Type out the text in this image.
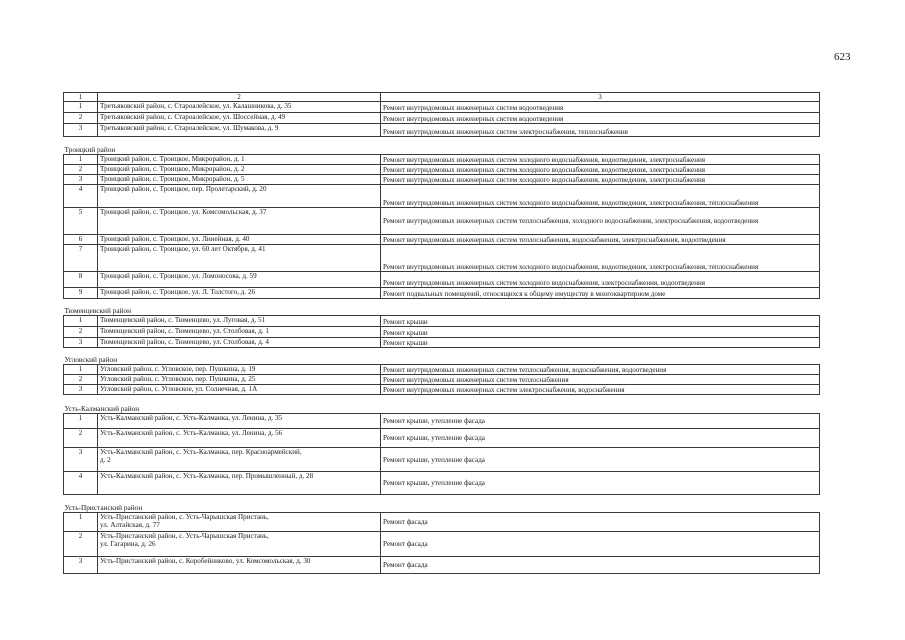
623
1	2	3
1	Третьяковский район, с. Староалейское, ул. Калашникова, д. 35	Ремонт внутридомовых инженерных систем водоотведения
2	Третьяковский район, с. Староалейское, ул. Шоссейная, д. 49	Ремонт внутридомовых инженерных систем водоотведения
3	Третьяковский район, с. Староалейское, ул. Шумакова, д. 9	Ремонт внутридомовых инженерных систем электроснабжения, теплоснабжения
Троицкий район		
1	Троицкий район, с. Троицкое, Микрорайон, д. 1	Ремонт внутридомовых инженерных систем холодного водоснабжения, водоотведения, электроснабжения
2	Троицкий район, с. Троицкое, Микрорайон, д. 2	Ремонт внутридомовых инженерных систем холодного водоснабжения, водоотведения, электроснабжения
3	Троицкий район, с. Троицкое, Микрорайон, д. 5	Ремонт внутридомовых инженерных систем холодного водоснабжения, водоотведения, электроснабжения
4	Троицкий район, с. Троицкое, пер. Пролетарский, д. 20	Ремонт внутридомовых инженерных систем холодного водоснабжения, водоотведения, электроснабжения, теплоснабжения
5	Троицкий район, с. Троицкое, ул. Комсомольская, д. 37	Ремонт внутридомовых инженерных систем теплоснабжения, холодного водоснабжения, электроснабжения, водоотведения
6	Троицкий район, с. Троицкое, ул. Линейная, д. 40	Ремонт внутридомовых инженерных систем теплоснабжения, водоснабжения, электроснабжения, водоотведения
7	Троицкий район, с. Троицкое, ул. 60 лет Октября, д. 41	Ремонт внутридомовых инженерных систем холодного водоснабжения, водоотведения, электроснабжения, теплоснабжения
8	Троицкий район, с. Троицкое, ул. Ломоносова, д. 59	Ремонт внутридомовых инженерных систем холодного водоснабжения, электроснабжения, водоотведения
9	Троицкий район, с. Троицкое, ул. Л. Толстого, д. 26	Ремонт подвальных помещений, относящихся к общему имуществу в многоквартирном доме
Тюменцевский район		
1	Тюменцевский район, с. Тюменцево, ул. Луговая, д. 51	Ремонт крыши
2	Тюменцевский район, с. Тюменцево, ул. Столбовая, д. 1	Ремонт крыши
3	Тюменцевский район, с. Тюменцево, ул. Столбовая, д. 4	Ремонт крыши
Угловский район		
1	Угловский район, с. Угловское, пер. Пушкина, д. 19	Ремонт внутридомовых инженерных систем теплоснабжения, водоснабжения, водоотведения
2	Угловский район, с. Угловское, пер. Пушкина, д. 25	Ремонт внутридомовых инженерных систем теплоснабжения
3	Угловский район, с. Угловское, ул. Солнечная, д. 1А	Ремонт внутридомовых инженерных систем электроснабжения, водоснабжения
Усть-Калманский район		
1	Усть-Калманский район, с. Усть-Калманка, ул. Ленина, д. 35	Ремонт крыши, утепление фасада
2	Усть-Калманский район, с. Усть-Калманка, ул. Ленина, д. 56	Ремонт крыши, утепление фасада
3	Усть-Калманский район, с. Усть-Калманка, пер. Красноармейский,
д. 2	Ремонт крыши, утепление фасада
4	Усть-Калманский район, с. Усть-Калманка, пер. Промышленный, д. 28	Ремонт крыши, утепление фасада
Усть-Пристанский район		
1	Усть-Пристанский район, с. Усть-Чарышская Пристань,
ул. Алтайская, д. 77	Ремонт фасада
2	Усть-Пристанский район, с. Усть-Чарышская Пристань,
ул. Гагарина, д. 26	Ремонт фасада
3	Усть-Пристанский район, с. Коробейниково, ул. Комсомольская, д. 30	Ремонт фасада
